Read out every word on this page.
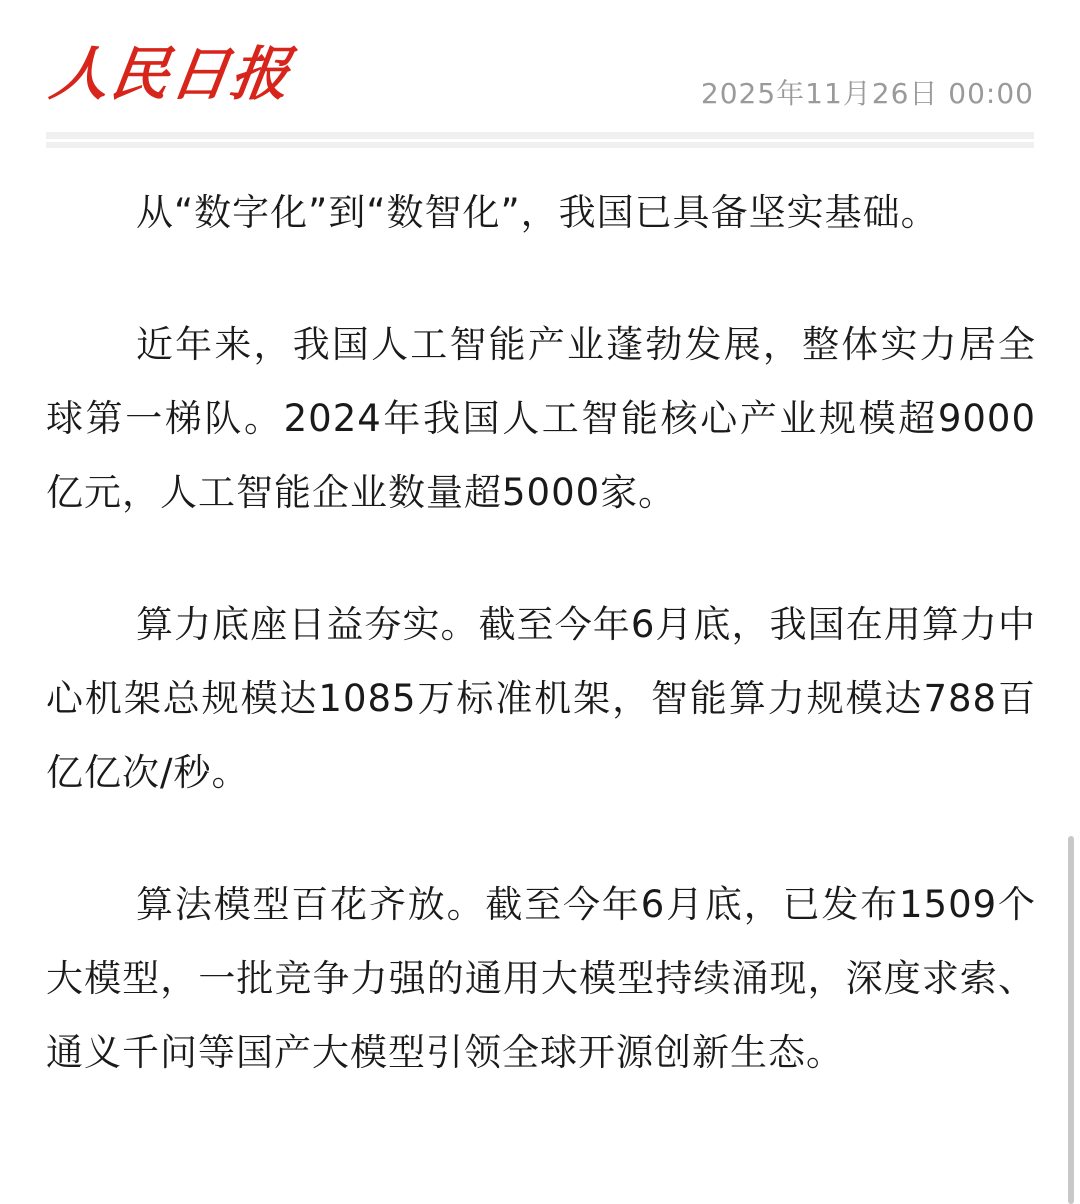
人民日报	2025年11月26日 00:00

从“数字化”到“数智化”，我国已具备坚实基础。

近年来，我国人工智能产业蓬勃发展，整体实力居全球第一梯队。2024年我国人工智能核心产业规模超9000亿元，人工智能企业数量超5000家。

算力底座日益夯实。截至今年6月底，我国在用算力中心机架总规模达1085万标准机架，智能算力规模达788百亿亿次/秒。

算法模型百花齐放。截至今年6月底，已发布1509个大模型，一批竞争力强的通用大模型持续涌现，深度求索、通义千问等国产大模型引领全球开源创新生态。
